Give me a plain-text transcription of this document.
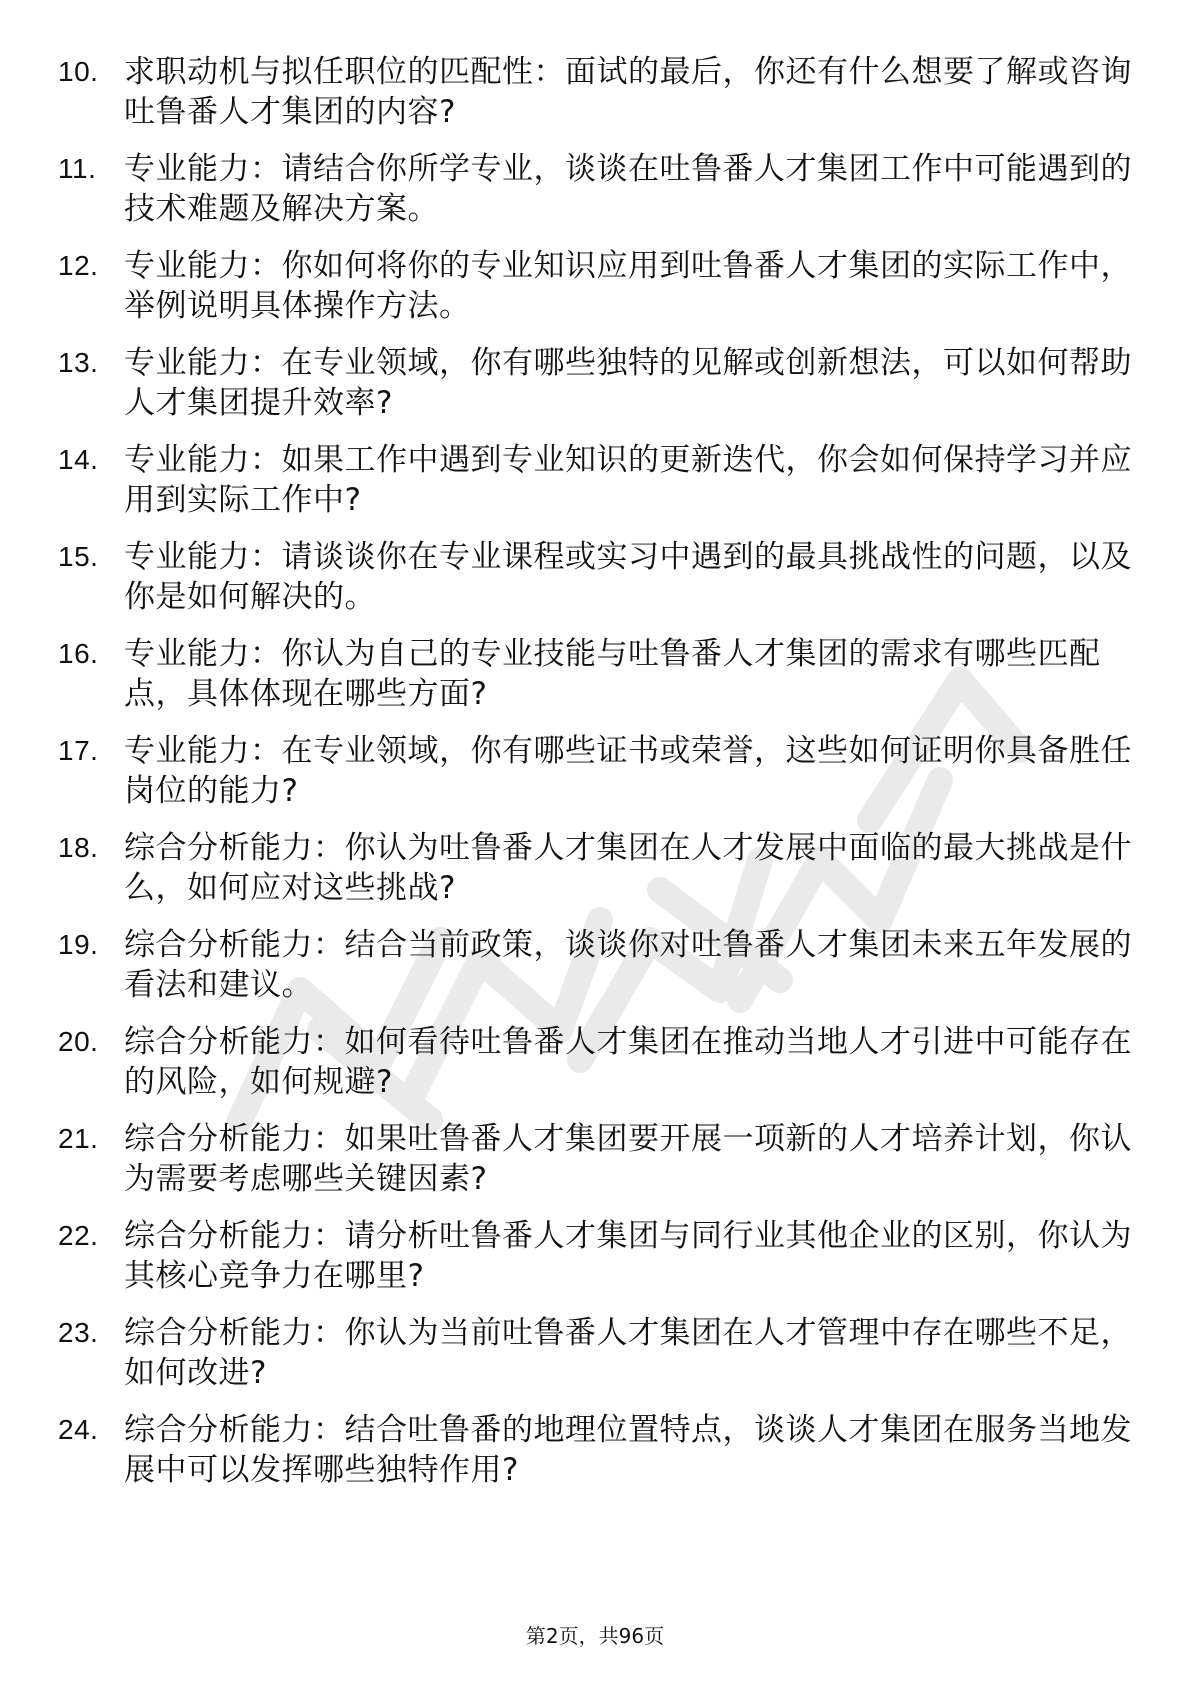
10. 求职动机与拟任职位的匹配性：面试的最后，你还有什么想要了解或咨询吐鲁番人才集团的内容?
11. 专业能力：请结合你所学专业，谈谈在吐鲁番人才集团工作中可能遇到的技术难题及解决方案。
12. 专业能力：你如何将你的专业知识应用到吐鲁番人才集团的实际工作中，举例说明具体操作方法。
13. 专业能力：在专业领域，你有哪些独特的见解或创新想法，可以如何帮助人才集团提升效率?
14. 专业能力：如果工作中遇到专业知识的更新迭代，你会如何保持学习并应用到实际工作中?
15. 专业能力：请谈谈你在专业课程或实习中遇到的最具挑战性的问题，以及你是如何解决的。
16. 专业能力：你认为自己的专业技能与吐鲁番人才集团的需求有哪些匹配点，具体体现在哪些方面?
17. 专业能力：在专业领域，你有哪些证书或荣誉，这些如何证明你具备胜任岗位的能力?
18. 综合分析能力：你认为吐鲁番人才集团在人才发展中面临的最大挑战是什么，如何应对这些挑战?
19. 综合分析能力：结合当前政策，谈谈你对吐鲁番人才集团未来五年发展的看法和建议。
20. 综合分析能力：如何看待吐鲁番人才集团在推动当地人才引进中可能存在的风险，如何规避?
21. 综合分析能力：如果吐鲁番人才集团要开展一项新的人才培养计划，你认为需要考虑哪些关键因素?
22. 综合分析能力：请分析吐鲁番人才集团与同行业其他企业的区别，你认为其核心竞争力在哪里?
23. 综合分析能力：你认为当前吐鲁番人才集团在人才管理中存在哪些不足，如何改进?
24. 综合分析能力：结合吐鲁番的地理位置特点，谈谈人才集团在服务当地发展中可以发挥哪些独特作用?
第2页，共96页
